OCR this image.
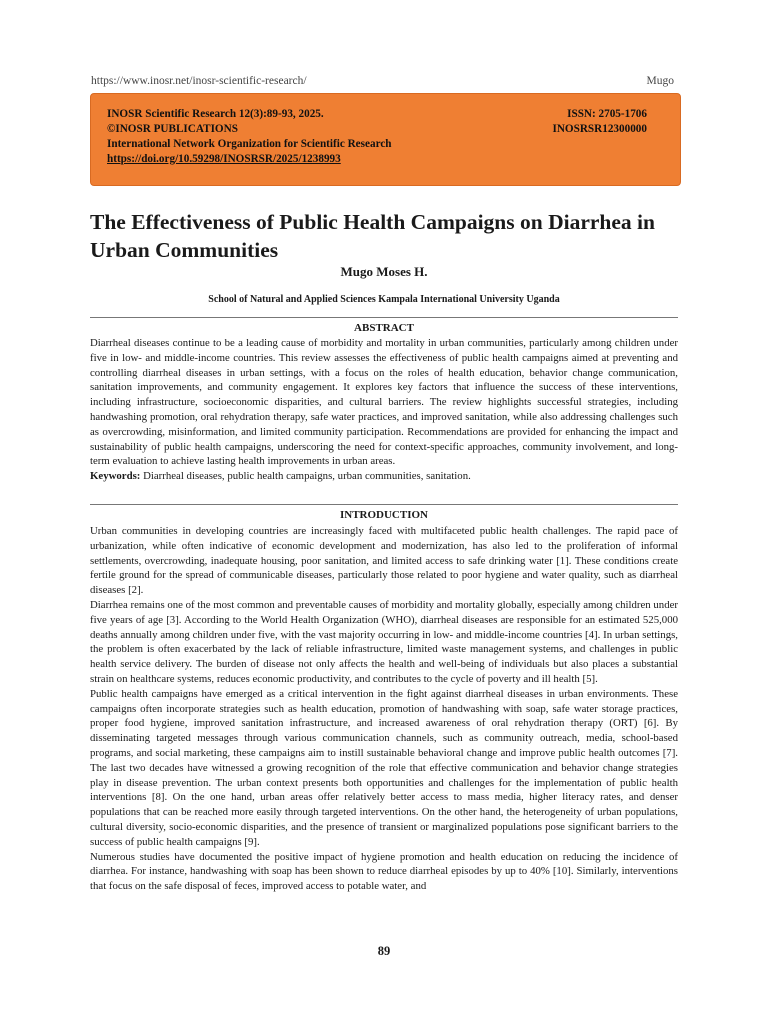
https://www.inosr.net/inosr-scientific-research/	Mugo
INOSR Scientific Research 12(3):89-93, 2025.
©INOSR PUBLICATIONS
International Network Organization for Scientific Research
https://doi.org/10.59298/INOSRSR/2025/1238993
ISSN: 2705-1706
INOSRSR12300000
The Effectiveness of Public Health Campaigns on Diarrhea in Urban Communities
Mugo Moses H.
School of Natural and Applied Sciences Kampala International University Uganda
ABSTRACT

Diarrheal diseases continue to be a leading cause of morbidity and mortality in urban communities, particularly among children under five in low- and middle-income countries. This review assesses the effectiveness of public health campaigns aimed at preventing and controlling diarrheal diseases in urban settings, with a focus on the roles of health education, behavior change communication, sanitation improvements, and community engagement. It explores key factors that influence the success of these interventions, including infrastructure, socioeconomic disparities, and cultural barriers. The review highlights successful strategies, including handwashing promotion, oral rehydration therapy, safe water practices, and improved sanitation, while also addressing challenges such as overcrowding, misinformation, and limited community participation. Recommendations are provided for enhancing the impact and sustainability of public health campaigns, underscoring the need for context-specific approaches, community involvement, and long-term evaluation to achieve lasting health improvements in urban areas.

Keywords: Diarrheal diseases, public health campaigns, urban communities, sanitation.

INTRODUCTION

Urban communities in developing countries are increasingly faced with multifaceted public health challenges. The rapid pace of urbanization, while often indicative of economic development and modernization, has also led to the proliferation of informal settlements, overcrowding, inadequate housing, poor sanitation, and limited access to safe drinking water [1]. These conditions create fertile ground for the spread of communicable diseases, particularly those related to poor hygiene and water quality, such as diarrheal diseases [2].

Diarrhea remains one of the most common and preventable causes of morbidity and mortality globally, especially among children under five years of age [3]. According to the World Health Organization (WHO), diarrheal diseases are responsible for an estimated 525,000 deaths annually among children under five, with the vast majority occurring in low- and middle-income countries [4]. In urban settings, the problem is often exacerbated by the lack of reliable infrastructure, limited waste management systems, and challenges in public health service delivery. The burden of disease not only affects the health and well-being of individuals but also places a substantial strain on healthcare systems, reduces economic productivity, and contributes to the cycle of poverty and ill health [5].

Public health campaigns have emerged as a critical intervention in the fight against diarrheal diseases in urban environments. These campaigns often incorporate strategies such as health education, promotion of handwashing with soap, safe water storage practices, proper food hygiene, improved sanitation infrastructure, and increased awareness of oral rehydration therapy (ORT) [6]. By disseminating targeted messages through various communication channels, such as community outreach, media, school-based programs, and social marketing, these campaigns aim to instill sustainable behavioral change and improve public health outcomes [7]. The last two decades have witnessed a growing recognition of the role that effective communication and behavior change strategies play in disease prevention. The urban context presents both opportunities and challenges for the implementation of public health interventions [8]. On the one hand, urban areas offer relatively better access to mass media, higher literacy rates, and denser populations that can be reached more easily through targeted interventions. On the other hand, the heterogeneity of urban populations, cultural diversity, socio-economic disparities, and the presence of transient or marginalized populations pose significant barriers to the success of public health campaigns [9].

Numerous studies have documented the positive impact of hygiene promotion and health education on reducing the incidence of diarrhea. For instance, handwashing with soap has been shown to reduce diarrheal episodes by up to 40% [10]. Similarly, interventions that focus on the safe disposal of feces, improved access to potable water, and

89
